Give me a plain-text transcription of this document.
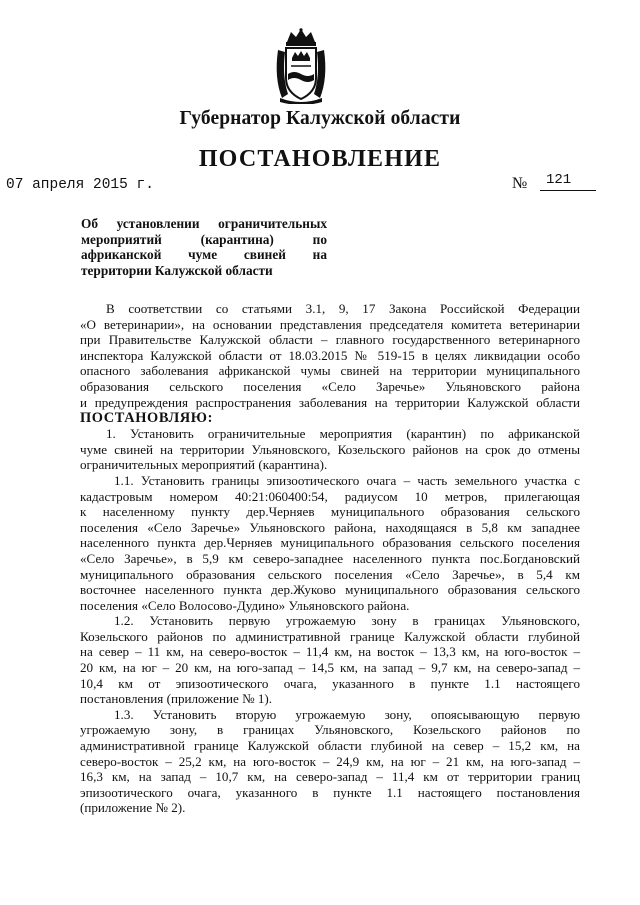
Губернатор Калужской области
ПОСТАНОВЛЕНИЕ
07 апреля 2015 г.	№	121
Об установлении ограничительных
мероприятий (карантина) по
африканской чуме свиней на
территории Калужской области
В соответствии со статьями 3.1, 9, 17 Закона Российской Федерации
«О ветеринарии», на основании представления председателя комитета ветеринарии
при Правительстве Калужской области – главного государственного ветеринарного
инспектора Калужской области от 18.03.2015 № 519-15 в целях ликвидации особо
опасного заболевания африканской чумы свиней на территории муниципального
образования сельского поселения «Село Заречье» Ульяновского района
и предупреждения распространения заболевания на территории Калужской области
ПОСТАНОВЛЯЮ:
1. Установить ограничительные мероприятия (карантин) по африканской
чуме свиней на территории Ульяновского, Козельского районов на срок до отмены
ограничительных мероприятий (карантина).
1.1. Установить границы эпизоотического очага – часть земельного участка с
кадастровым номером 40:21:060400:54, радиусом 10 метров, прилегающая
к населенному пункту дер.Черняев муниципального образования сельского
поселения «Село Заречье» Ульяновского района, находящаяся в 5,8 км западнее
населенного пункта дер.Черняев муниципального образования сельского поселения
«Село Заречье», в 5,9 км северо-западнее населенного пункта пос.Богдановский
муниципального образования сельского поселения «Село Заречье», в 5,4 км
восточнее населенного пункта дер.Жуково муниципального образования сельского
поселения «Село Волосово-Дудино» Ульяновского района.
1.2. Установить первую угрожаемую зону в границах Ульяновского,
Козельского районов по административной границе Калужской области глубиной
на север – 11 км, на северо-восток – 11,4 км, на восток – 13,3 км, на юго-восток –
20 км, на юг – 20 км, на юго-запад – 14,5 км, на запад – 9,7 км, на северо-запад –
10,4 км от эпизоотического очага, указанного в пункте 1.1 настоящего
постановления (приложение № 1).
1.3. Установить вторую угрожаемую зону, опоясывающую первую
угрожаемую зону, в границах Ульяновского, Козельского районов по
административной границе Калужской области глубиной на север – 15,2 км, на
северо-восток – 25,2 км, на юго-восток – 24,9 км, на юг – 21 км, на юго-запад –
16,3 км, на запад – 10,7 км, на северо-запад – 11,4 км от территории границ
эпизоотического очага, указанного в пункте 1.1 настоящего постановления
(приложение № 2).
